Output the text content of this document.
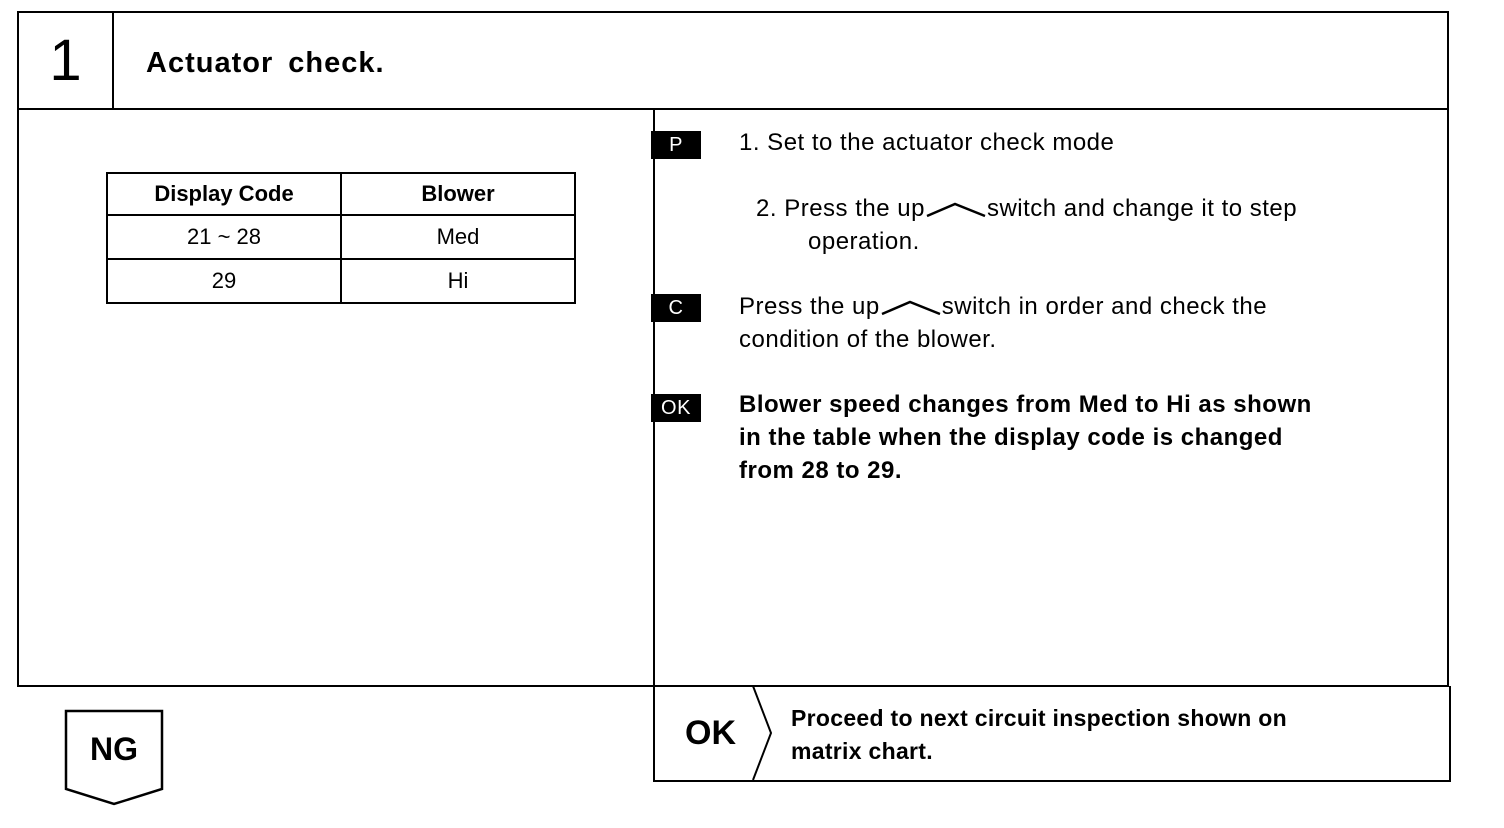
1	Actuator check.
Display Code	Blower
21 ~ 28	Med
29	Hi
P	1. Set to the actuator check mode
2. Press the up	switch and change it to step
operation.
C	Press the up	switch in order and check the
condition of the blower.
OK	Blower speed changes from Med to Hi as shown
in the table when the display code is changed
from 28 to 29.
OK Proceed to next circuit inspection shown on
matrix chart.
NG
